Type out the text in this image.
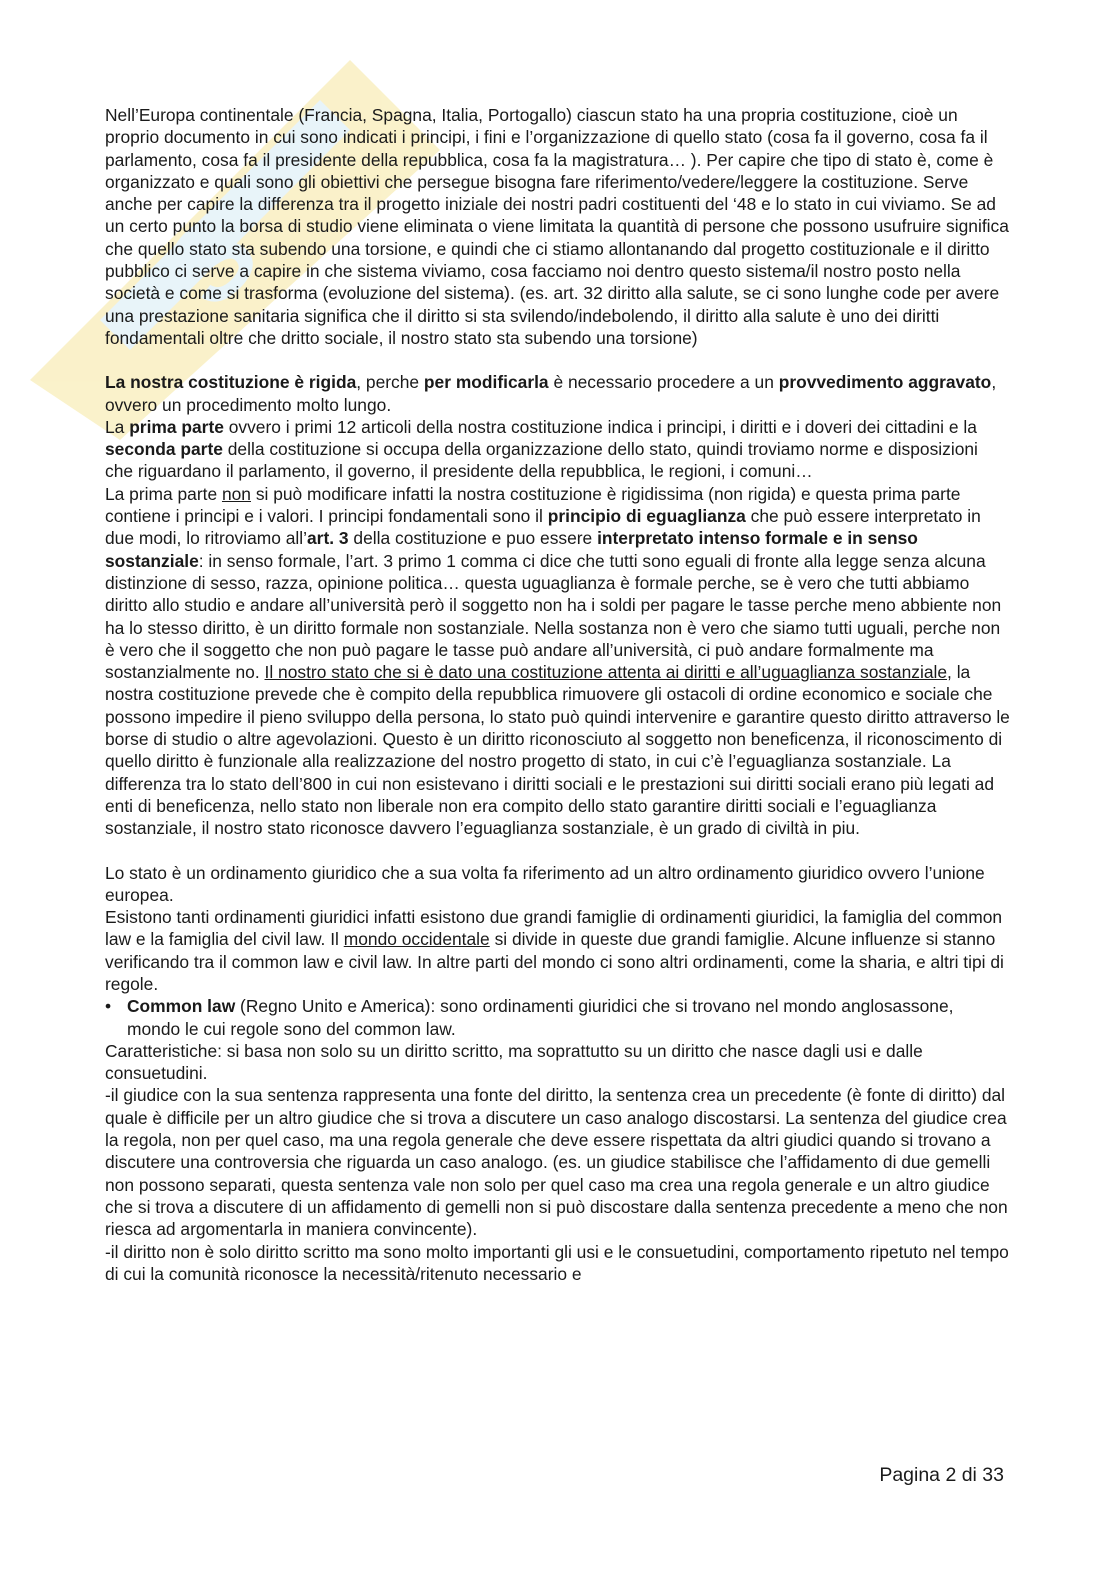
S

Nell’Europa continentale (Francia, Spagna, Italia, Portogallo) ciascun stato ha una propria costituzione, cioè un proprio documento in cui sono indicati i principi, i fini e l’organizzazione di quello stato (cosa fa il governo, cosa fa il parlamento, cosa fa il presidente della repubblica, cosa fa la magistratura… ). Per capire che tipo di stato è, come è organizzato e quali sono gli obiettivi che persegue bisogna fare riferimento/vedere/leggere la costituzione. Serve anche per capire la differenza tra il progetto iniziale dei nostri padri costituenti del ‘48 e lo stato in cui viviamo. Se ad un certo punto la borsa di studio viene eliminata o viene limitata la quantità di persone che possono usufruire significa che quello stato sta subendo una torsione, e quindi che ci stiamo allontanando dal progetto costituzionale e il diritto pubblico ci serve a capire in che sistema viviamo, cosa facciamo noi dentro questo sistema/il nostro posto nella società e come si trasforma (evoluzione del sistema). (es. art. 32 diritto alla salute, se ci sono lunghe code per avere una prestazione sanitaria significa che il diritto si sta svilendo/indebolendo, il diritto alla salute è uno dei diritti fondamentali oltre che dritto sociale, il nostro stato sta subendo una torsione)

La nostra costituzione è rigida, perche per modificarla è necessario procedere a un provvedimento aggravato, ovvero un procedimento molto lungo.

La prima parte ovvero i primi 12 articoli della nostra costituzione indica i principi, i diritti e i doveri dei cittadini e la seconda parte della costituzione si occupa della organizzazione dello stato, quindi troviamo norme e disposizioni che riguardano il parlamento, il governo, il presidente della repubblica, le regioni, i comuni…

La prima parte non si può modificare infatti la nostra costituzione è rigidissima (non rigida) e questa prima parte contiene i principi e i valori. I principi fondamentali sono il principio di eguaglianza che può essere interpretato in due modi, lo ritroviamo all’art. 3 della costituzione e puo essere interpretato intenso formale e in senso sostanziale: in senso formale, l’art. 3 primo 1 comma ci dice che tutti sono eguali di fronte alla legge senza alcuna distinzione di sesso, razza, opinione politica… questa uguaglianza è formale perche, se è vero che tutti abbiamo diritto allo studio e andare all’università però il soggetto non ha i soldi per pagare le tasse perche meno abbiente non ha lo stesso diritto, è un diritto formale non sostanziale. Nella sostanza non è vero che siamo tutti uguali, perche non è vero che il soggetto che non può pagare le tasse può andare all’università, ci può andare formalmente ma sostanzialmente no. Il nostro stato che si è dato una costituzione attenta ai diritti e all’uguaglianza sostanziale, la nostra costituzione prevede che è compito della repubblica rimuovere gli ostacoli di ordine economico e sociale che possono impedire il pieno sviluppo della persona, lo stato può quindi intervenire e garantire questo diritto attraverso le borse di studio o altre agevolazioni. Questo è un diritto riconosciuto al soggetto non beneficenza, il riconoscimento di quello diritto è funzionale alla realizzazione del nostro progetto di stato, in cui c’è l’eguaglianza sostanziale. La differenza tra lo stato dell’800 in cui non esistevano i diritti sociali e le prestazioni sui diritti sociali erano più legati ad enti di beneficenza, nello stato non liberale non era compito dello stato garantire diritti sociali e l’eguaglianza sostanziale, il nostro stato riconosce davvero l’eguaglianza sostanziale, è un grado di civiltà in piu.

Lo stato è un ordinamento giuridico che a sua volta fa riferimento ad un altro ordinamento giuridico ovvero l’unione europea.

Esistono tanti ordinamenti giuridici infatti esistono due grandi famiglie di ordinamenti giuridici, la famiglia del common law e la famiglia del civil law. Il mondo occidentale si divide in queste due grandi famiglie. Alcune influenze si stanno verificando tra il common law e civil law. In altre parti del mondo ci sono altri ordinamenti, come la sharia, e altri tipi di regole.

• Common law (Regno Unito e America): sono ordinamenti giuridici che si trovano nel mondo anglosassone, mondo le cui regole sono del common law.

Caratteristiche: si basa non solo su un diritto scritto, ma soprattutto su un diritto che nasce dagli usi e dalle consuetudini.

-il giudice con la sua sentenza rappresenta una fonte del diritto, la sentenza crea un precedente (è fonte di diritto) dal quale è difficile per un altro giudice che si trova a discutere un caso analogo discostarsi. La sentenza del giudice crea la regola, non per quel caso, ma una regola generale che deve essere rispettata da altri giudici quando si trovano a discutere una controversia che riguarda un caso analogo. (es. un giudice stabilisce che l’affidamento di due gemelli non possono separati, questa sentenza vale non solo per quel caso ma crea una regola generale e un altro giudice che si trova a discutere di un affidamento di gemelli non si può discostare dalla sentenza precedente a meno che non riesca ad argomentarla in maniera convincente).

-il diritto non è solo diritto scritto ma sono molto importanti gli usi e le consuetudini, comportamento ripetuto nel tempo di cui la comunità riconosce la necessità/ritenuto necessario e

Pagina 2 di 33
